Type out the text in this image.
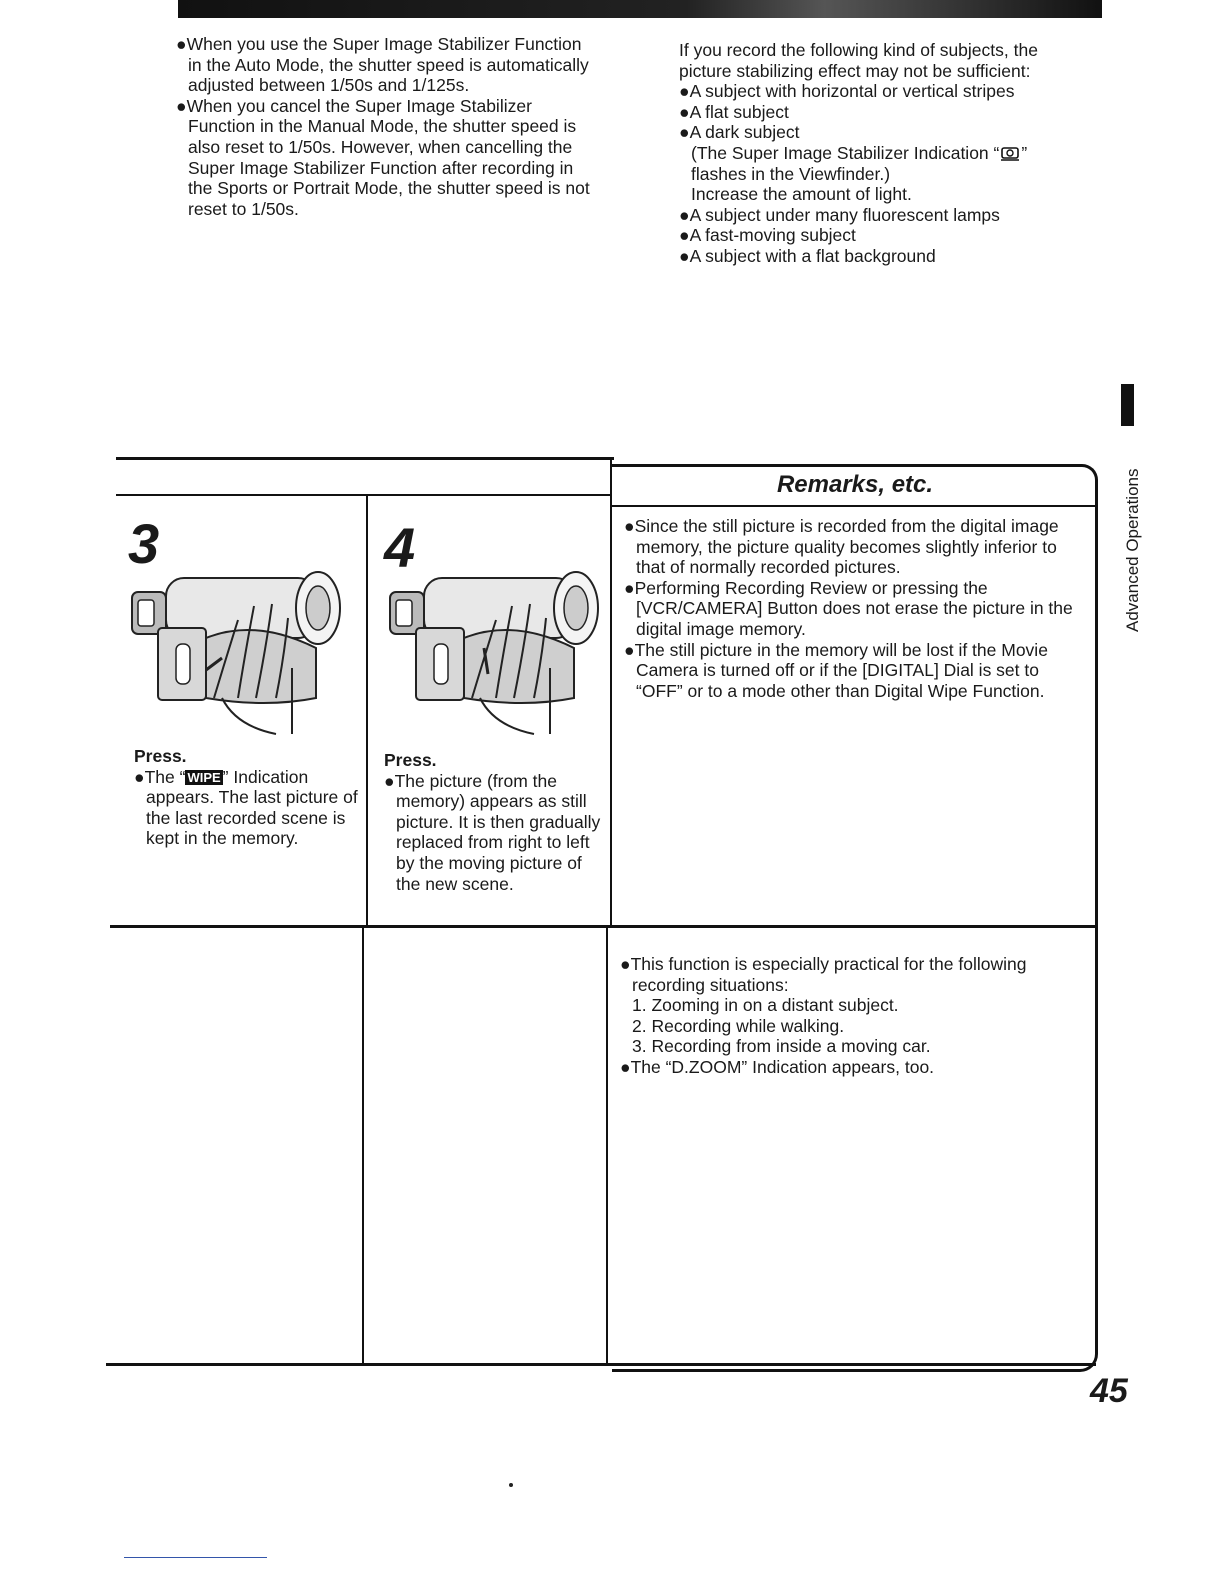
●When you use the Super Image Stabilizer Function in the Auto Mode, the shutter speed is automatically adjusted between 1/50s and 1/125s.

●When you cancel the Super Image Stabilizer Function in the Manual Mode, the shutter speed is also reset to 1/50s. However, when cancelling the Super Image Stabilizer Function after recording in the Sports or Portrait Mode, the shutter speed is not reset to 1/50s.

If you record the following kind of subjects, the picture stabilizing effect may not be sufficient:

●A subject with horizontal or vertical stripes

●A flat subject

●A dark subject

(The Super Image Stabilizer Indication “ ” flashes in the Viewfinder.)

Increase the amount of light.

●A subject under many fluorescent lamps

●A fast-moving subject

●A subject with a flat background

Advanced Operations
Remarks, etc.
3

Press.

●The “ WIPE ” Indication appears. The last picture of the last recorded scene is kept in the memory.

4

Press.

●The picture (from the memory) appears as still picture. It is then gradually replaced from right to left by the moving picture of the new scene.

●Since the still picture is recorded from the digital image memory, the picture quality becomes slightly inferior to that of normally recorded pictures.

●Performing Recording Review or pressing the [VCR/CAMERA] Button does not erase the picture in the digital image memory.

●The still picture in the memory will be lost if the Movie Camera is turned off or if the [DIGITAL] Dial is set to “OFF” or to a mode other than Digital Wipe Function.

●This function is especially practical for the following recording situations:

1. Zooming in on a distant subject.

2. Recording while walking.

3. Recording from inside a moving car.

●The “D.ZOOM” Indication appears, too.

45
